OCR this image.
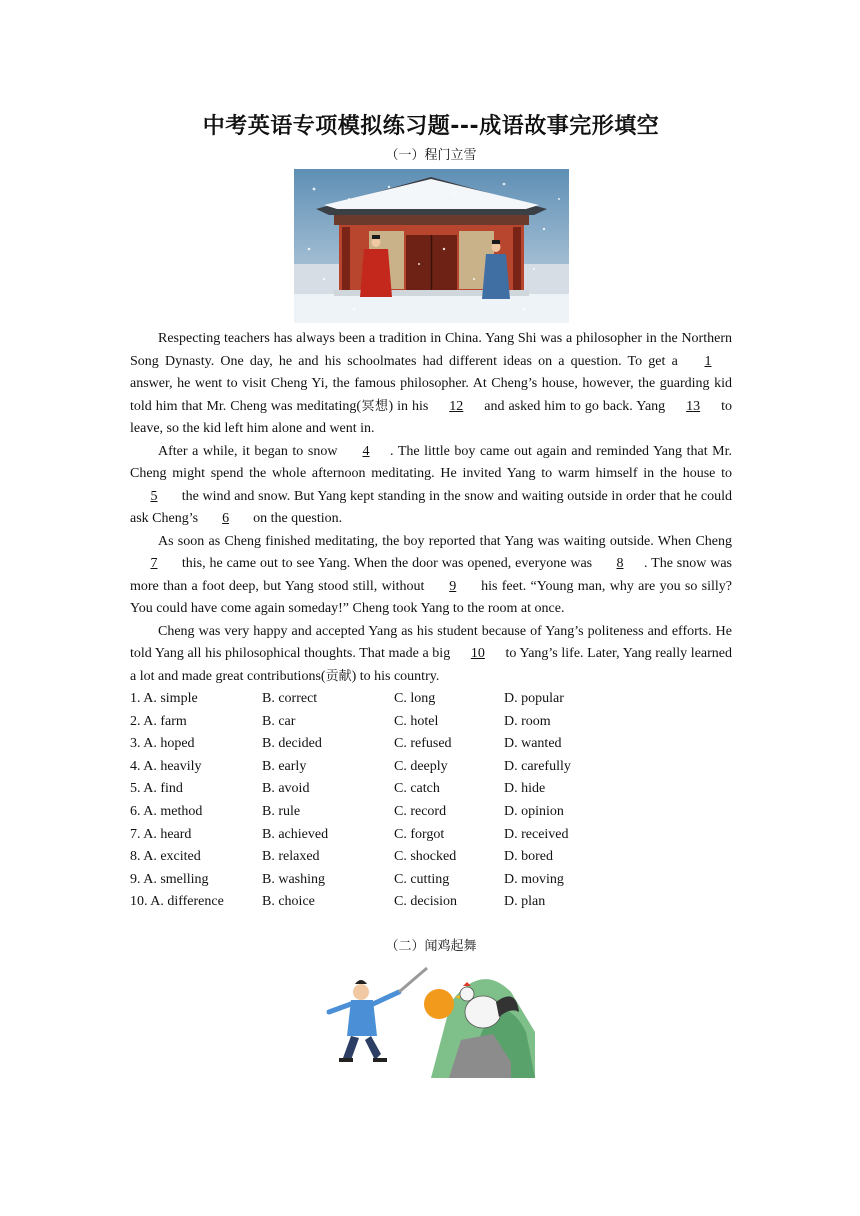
中考英语专项模拟练习题---成语故事完形填空
（一）程门立雪

Respecting teachers has always been a tradition in China. Yang Shi was a philosopher in the Northern Song Dynasty. One day, he and his schoolmates had different ideas on a question. To get a 1 answer, he went to visit Cheng Yi, the famous philosopher. At Cheng’s house, however, the guarding kid told him that Mr. Cheng was meditating(冥想) in his 12 and asked him to go back. Yang 13 to leave, so the kid left him alone and went in.

After a while, it began to snow 4 . The little boy came out again and reminded Yang that Mr. Cheng might spend the whole afternoon meditating. He invited Yang to warm himself in the house to 5 the wind and snow. But Yang kept standing in the snow and waiting outside in order that he could ask Cheng’s 6 on the question.

As soon as Cheng finished meditating, the boy reported that Yang was waiting outside. When Cheng 7 this, he came out to see Yang. When the door was opened, everyone was 8 . The snow was more than a foot deep, but Yang stood still, without 9 his feet. “Young man, why are you so silly? You could have come again someday!” Cheng took Yang to the room at once.

Cheng was very happy and accepted Yang as his student because of Yang’s politeness and efforts. He told Yang all his philosophical thoughts. That made a big 10 to Yang’s life. Later, Yang really learned a lot and made great contributions(贡献) to his country.

1. A. simple	B. correct	C. long	D. popular
2. A. farm	B. car	C. hotel	D. room
3. A. hoped	B. decided	C. refused	D. wanted
4. A. heavily	B. early	C. deeply	D. carefully
5. A. find	B. avoid	C. catch	D. hide
6. A. method	B. rule	C. record	D. opinion
7. A. heard	B. achieved	C. forgot	D. received
8. A. excited	B. relaxed	C. shocked	D. bored
9. A. smelling	B. washing	C. cutting	D. moving
10. A. difference	B. choice	C. decision	D. plan
（二）闻鸡起舞
